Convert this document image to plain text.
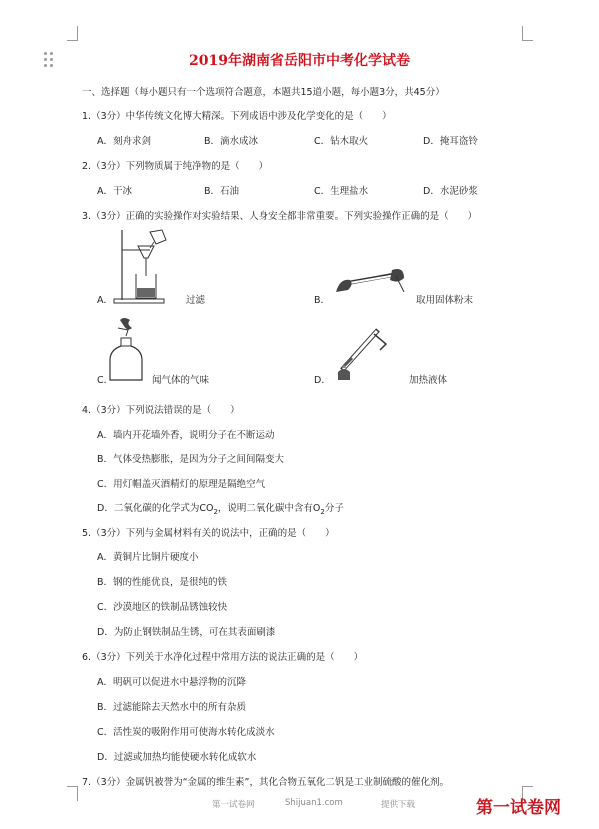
2019年湖南省岳阳市中考化学试卷
一、选择题（每小题只有一个选项符合题意，本题共15道小题，每小题3分，共45分）
1.（3分）中华传统文化博大精深。下列成语中涉及化学变化的是（　　）
A．刻舟求剑	B．滴水成冰	C．钻木取火	D．掩耳盗铃
2.（3分）下列物质属于纯净物的是（　　）
A．干冰	B．石油	C．生理盐水	D．水泥砂浆
3.（3分）正确的实验操作对实验结果、人身安全都非常重要。下列实验操作正确的是（　　）
A．	过滤	B．	取用固体粉末
C．	闻气体的气味	D．	加热液体
4.（3分）下列说法错误的是（　　）
A．墙内开花墙外香，说明分子在不断运动
B．气体受热膨胀，是因为分子之间间隔变大
C．用灯帽盖灭酒精灯的原理是隔绝空气
D．二氧化碳的化学式为$CO_2$，说明二氧化碳中含有$O_2$分子
5.（3分）下列与金属材料有关的说法中，正确的是（　　）
A．黄铜片比铜片硬度小
B．钢的性能优良，是很纯的铁
C．沙漠地区的铁制品锈蚀较快
D．为防止钢铁制品生锈，可在其表面刷漆
6.（3分）下列关于水净化过程中常用方法的说法正确的是（　　）
A．明矾可以促进水中悬浮物的沉降
B．过滤能除去天然水中的所有杂质
C．活性炭的吸附作用可使海水转化成淡水
D．过滤或加热均能使硬水转化成软水
7.（3分）金属钒被誉为“金属的维生素”，其化合物五氧化二钒是工业制硫酸的催化剂。
第一试卷网	Shijuan1.com	提供下载	第一试卷网
